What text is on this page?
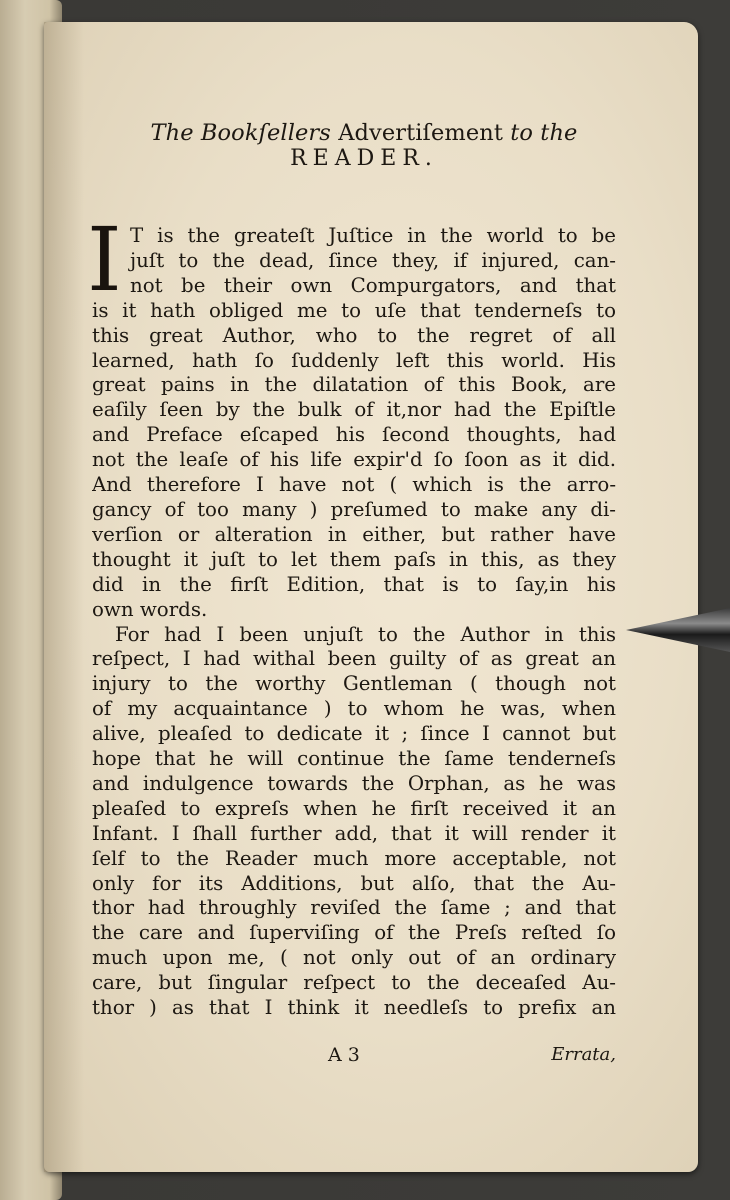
The Bookſellers Advertiſement to the
READER.
I T is the greateſt Juſtice in the world to be
juſt to the dead, ſince they, if injured, can-
not be their own Compurgators, and that
is it hath obliged me to uſe that tenderneſs to
this great Author, who to the regret of all
learned, hath ſo ſuddenly left this world. His
great pains in the dilatation of this Book, are
eaſily ſeen by the bulk of it,nor had the Epiſtle
and Preface eſcaped his ſecond thoughts, had
not the leaſe of his life expir'd ſo ſoon as it did.
And therefore I have not ( which is the arro-
gancy of too many ) preſumed to make any di-
verſion or alteration in either, but rather have
thought it juſt to let them paſs in this, as they
did in the firſt Edition, that is to ſay,in his
own words.
For had I been unjuſt to the Author in this
reſpect, I had withal been guilty of as great an
injury to the worthy Gentleman ( though not
of my acquaintance ) to whom he was, when
alive, pleaſed to dedicate it ; ſince I cannot but
hope that he will continue the ſame tenderneſs
and indulgence towards the Orphan, as he was
pleaſed to expreſs when he firſt received it an
Infant. I ſhall further add, that it will render it
ſelf to the Reader much more acceptable, not
only for its Additions, but alſo, that the Au-
thor had throughly reviſed the ſame ; and that
the care and ſuperviſing of the Preſs reſted ſo
much upon me, ( not only out of an ordinary
care, but ſingular reſpect to the deceaſed Au-
thor ) as that I think it needleſs to prefix an
A 3	Errata,
